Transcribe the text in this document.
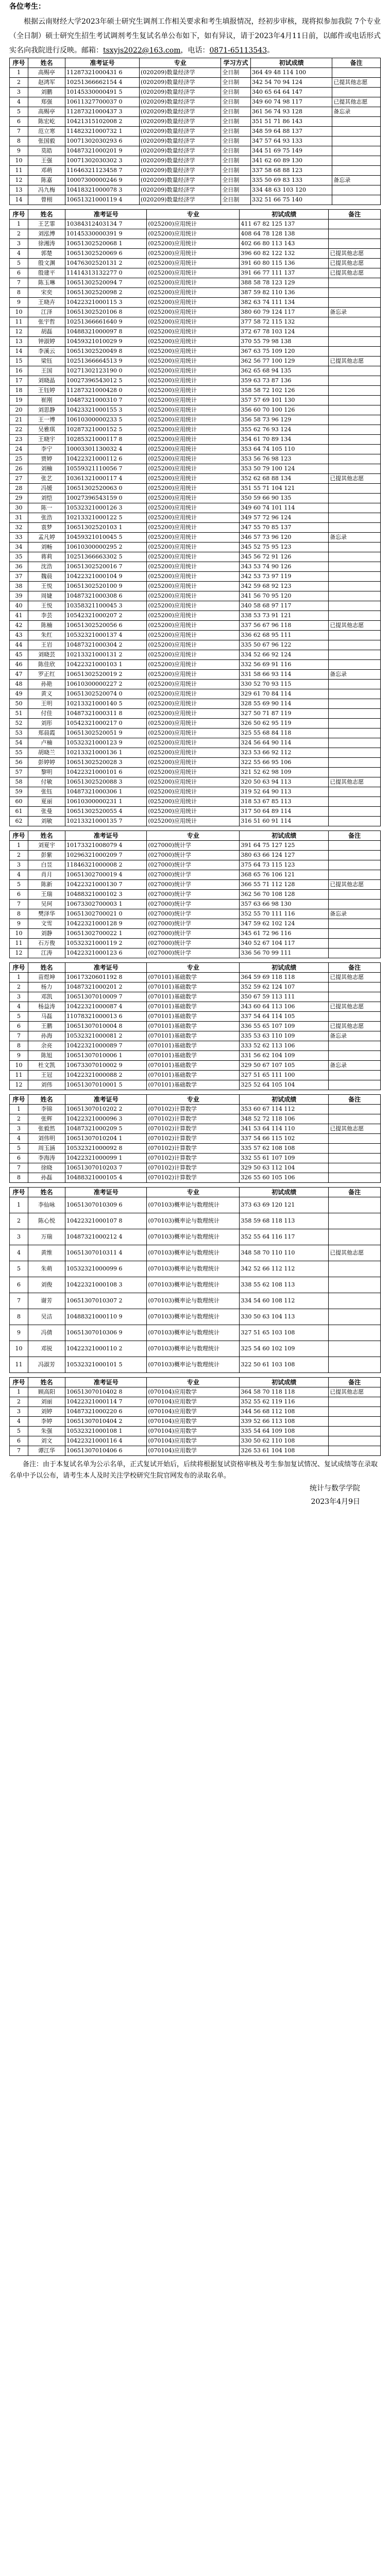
各位考生：

根据云南财经大学2023年硕士研究生调剂工作相关要求和考生填报情况，经初步审核，现将拟参加我院 7个专业（全日制）硕士研究生招生考试调剂考生复试名单公布如下，如有异议，请于2023年4月11日前，以邮件或电话形式实名向我院进行反映。邮箱：tsxyjs2022@163.com，电话：0871-65113543。

序号	姓名	准考证号	专业	学习方式	初试成绩	备注
1	高赐亭	11287321000431 6	(020209)数量经济学	全日制	364 49 48 114 100	
2	赵鸿军	10251366662154 4	(020209)数量经济学	全日制	342 54 70 94 124	已提其他志愿
3	刘鹏	10145330000491 5	(020209)数量经济学	全日制	340 65 64 64 147	
4	郑强	10611327700037 0	(020209)数量经济学	全日制	349 60 74 98 117	已提其他志愿
5	高赐亭	11287321000437 3	(020209)数量经济学	全日制	361 56 74 93 128	备忘录
6	陈宏屹	10421315102008 2	(020209)数量经济学	全日制	351 51 71 86 143	
7	范立寒	11482321000732 1	(020209)数量经济学	全日制	348 59 64 88 137	
8	张国毅	10071302030293 6	(020209)数量经济学	全日制	347 57 64 93 133	
9	莫皓	10487321000201 9	(020209)数量经济学	全日制	344 51 69 75 149	
10	王强	10071302030302 3	(020209)数量经济学	全日制	341 62 60 89 130	
11	邓萌	11646321123458 7	(020209)数量经济学	全日制	337 58 68 88 123	
12	陈嘉	10007300000246 9	(020209)数量经济学	全日制	335 50 69 83 133	备忘录
13	冯九梅	10418321000078 3	(020209)数量经济学	全日制	334 48 63 103 120	
14	曾栩	10651321000119 4	(020209)数量经济学	全日制	332 51 66 75 140	
序号	姓名	准考证号	专业	初试成绩	备注
1	王艺霏	10384312403134 7	(025200)应用统计	411 67 82 125 137	
2	刘泓博	10145330000391 9	(025200)应用统计	408 64 78 128 138	
3	徐湘涛	10651302520068 1	(025200)应用统计	402 66 80 113 143	
4	郭楚	10651302520069 6	(025200)应用统计	396 60 82 122 132	已提其他志愿
5	殷文渊	10476302520131 2	(025200)应用统计	391 60 80 115 136	已提其他志愿
6	殷建平	11414313132277 0	(025200)应用统计	391 66 77 111 137	已提其他志愿
7	陈玉琳	10651302520094 7	(025200)应用统计	388 58 78 123 129	
8	宋奕	10651302520098 2	(025200)应用统计	387 59 82 110 136	
9	王晓卉	10422321000115 3	(025200)应用统计	382 63 74 111 134	
10	江泽	10651302520106 8	(025200)应用统计	380 60 79 124 117	备忘录
11	张宇哲	10251366661640 9	(025200)应用统计	377 58 72 115 132	
12	胡磊	10488321000097 8	(025200)应用统计	372 67 78 103 124	
13	钟淑婷	10459321010029 9	(025200)应用统计	370 55 79 98 138	
14	李溪云	10651302520049 8	(025200)应用统计	367 63 75 109 120	
15	梁钰	10251366664513 9	(025200)应用统计	362 56 77 100 129	已提其他志愿
16	王国	10271302123190 0	(025200)应用统计	362 65 68 94 135	
17	刘晓晶	10027396543012 5	(025200)应用统计	359 63 73 87 136	
18	王钰婷	11287321000428 0	(025200)应用统计	358 58 72 102 126	
19	崔刚	10487321000310 7	(025200)应用统计	357 57 69 101 130	
20	刘思静	10423321000155 3	(025200)应用统计	356 60 70 100 126	
21	王一博	10610300000233 5	(025200)应用统计	356 58 73 96 129	
22	吴雅琪	10287321000152 5	(025200)应用统计	355 62 76 93 124	
23	王晓宇	10285321000117 8	(025200)应用统计	354 61 70 89 134	
24	李宁	10003301130032 4	(025200)应用统计	353 64 74 105 110	
25	贾婷	10422321000112 6	(025200)应用统计	353 56 76 98 123	
26	刘楠	10559321110056 7	(025200)应用统计	353 50 79 100 124	
27	张艺	10361321000117 4	(025200)应用统计	352 62 68 88 134	已提其他志愿
28	冯媛	10651302520063 0	(025200)应用统计	351 55 71 104 121	
29	刘恺	10027396543159 0	(025200)应用统计	350 59 66 90 135	
30	陈一	10532321000126 3	(025200)应用统计	349 60 74 101 114	
31	张浩	10213321000122 5	(025200)应用统计	349 57 72 96 124	
32	袁梦	10651302520103 1	(025200)应用统计	347 55 70 85 137	
33	孟凡婷	10459321010045 5	(025200)应用统计	346 57 73 96 120	备忘录
34	刘畅	10610300000295 2	(025200)应用统计	345 52 75 95 123	
35	蒋莉	10251366663302 5	(025200)应用统计	345 56 72 91 126	
36	沈浩	10651302520016 7	(025200)应用统计	343 53 74 90 126	
37	魏晨	10422321000104 9	(025200)应用统计	342 53 73 97 119	
38	王悦	10651302520100 9	(025200)应用统计	342 59 68 92 123	
39	周婕	10487321000308 6	(025200)应用统计	341 56 70 95 120	
40	王悦	10358321100045 3	(025200)应用统计	340 58 68 97 117	
41	李芸	10542321000207 2	(025200)应用统计	338 53 73 91 121	
42	陈楠	10651302520056 6	(025200)应用统计	337 56 67 96 118	已提其他志愿
43	朱红	10532321000137 4	(025200)应用统计	336 62 68 95 111	
44	王岩	10487321000304 2	(025200)应用统计	335 50 67 96 122	
45	刘晓芸	10213321000131 2	(025200)应用统计	334 52 66 92 124	
46	陈佳欣	10422321000103 1	(025200)应用统计	332 56 69 91 116	
47	罗正红	10651302520019 2	(025200)应用统计	331 58 66 93 114	备忘录
48	孙艳	10610300000227 2	(025200)应用统计	330 52 70 93 115	
49	黄义	10651302520074 0	(025200)应用统计	329 61 70 84 114	
50	王明	10213321000140 5	(025200)应用统计	328 55 69 90 114	
51	付佳	10487321000311 8	(025200)应用统计	327 50 71 87 119	
52	刘彤	10542321000217 0	(025200)应用统计	326 50 62 95 119	
53	郑晨霞	10651302520051 9	(025200)应用统计	325 55 68 84 118	
54	卢楠	10532321000123 9	(025200)应用统计	324 56 64 90 114	
55	胡晓兰	10213321000136 1	(025200)应用统计	323 53 66 92 112	
56	彭婷婷	10651302520028 3	(025200)应用统计	322 55 66 95 106	
57	黎明	10422321000101 6	(025200)应用统计	321 52 62 98 109	
58	付敏	10651302520088 3	(025200)应用统计	320 50 63 94 113	已提其他志愿
59	张钰	10487321000306 1	(025200)应用统计	319 52 64 90 113	
60	夏丽	10610300000231 1	(025200)应用统计	318 53 67 85 113	
61	张曼	10651302520055 4	(025200)应用统计	317 50 64 89 114	
62	刘敏	10213321000135 7	(025200)应用统计	316 51 60 91 114	
序号	姓名	准考证号	专业	初试成绩	备注
1	刘夏宇	10173321008079 4	(027000)统计学	391 64 75 127 125	
2	彭紫	10296321000209 7	(027000)统计学	380 63 66 124 127	
3	白昱	11846321000008 2	(027000)统计学	375 64 73 115 123	
4	肖月	10651302700019 4	(027000)统计学	368 65 76 106 121	
5	陈新	10422321000130 7	(027000)统计学	366 55 71 112 128	已提其他志愿
6	王瑞	10488321000102 3	(027000)统计学	362 56 70 108 128	
7	吴珂	10673302700003 1	(027000)统计学	357 63 66 98 130	
8	樊泽华	10651302700021 0	(027000)统计学	352 55 70 111 116	备忘录
9	文雪	10422321000128 9	(027000)统计学	347 59 62 102 124	
10	刘静	10651302700022 1	(027000)统计学	345 61 72 96 116	
11	石万俊	10532321000119 2	(027000)统计学	340 52 67 104 117	
12	江涛	10422321000123 6	(027000)统计学	336 56 70 99 111	
序号	姓名	准考证号	专业	初试成绩	备注
1	苗煜坤	10617320601192 8	(070101)基础数学	364 59 69 118 118	已提其他志愿
2	杨力	10487321000201 2	(070101)基础数学	352 59 62 124 107	
3	邓凯	10651307010009 7	(070101)基础数学	350 67 59 113 111	
4	杨益涛	10422321000087 4	(070101)基础数学	343 60 64 113 106	已提其他志愿
5	马磊	11078321000013 6	(070101)基础数学	337 54 64 114 105	
6	王鹏	10651307010004 8	(070101)基础数学	336 55 65 107 109	已提其他志愿
7	孙海	10532321000081 2	(070101)基础数学	335 53 63 110 109	备忘录
8	余亮	10422321000089 7	(070101)基础数学	333 52 62 113 106	
9	陈旭	10651307010006 1	(070101)基础数学	331 56 62 104 109	
10	杜文凯	10673307010002 9	(070101)基础数学	329 50 67 107 105	备忘录
11	王冠	10422321000088 2	(070101)基础数学	327 51 65 111 100	
12	刘伟	10651307010001 5	(070101)基础数学	325 52 64 105 104	
序号	姓名	准考证号	专业	初试成绩	备注
1	李锦	10651307010202 2	(070102)计算数学	353 60 67 114 112	
2	张辉	10422321000096 3	(070102)计算数学	348 52 72 118 106	
3	张毅然	10487321000209 5	(070102)计算数学	341 53 64 114 110	已提其他志愿
4	刘伟明	10651307010204 1	(070102)计算数学	337 54 66 115 102	
5	周玉涵	10532321000092 8	(070102)计算数学	335 57 62 108 108	
6	李海涛	10422321000099 1	(070102)计算数学	332 55 61 107 109	
7	徐晓	10651307010203 7	(070102)计算数学	329 50 63 112 104	
8	孙磊	10488321000105 4	(070102)计算数学	326 55 60 105 106	
序号	姓名	准考证号	专业	初试成绩	备注
1	李仙咏	10651307010309 6	(070103)概率论与数理统计	373 63 69 120 121	
2	陈心悦	10422321000107 8	(070103)概率论与数理统计	358 59 68 118 113	
3	万瑞	10487321000212 4	(070103)概率论与数理统计	352 55 64 116 117	
4	黄维	10651307010311 4	(070103)概率论与数理统计	348 58 70 110 110	已提其他志愿
5	朱萌	10532321000099 6	(070103)概率论与数理统计	342 52 66 112 112	
6	刘俊	10422321000108 3	(070103)概率论与数理统计	338 55 62 108 113	
7	谢芳	10651307010307 2	(070103)概率论与数理统计	334 54 60 108 112	
8	吴洁	10488321000110 9	(070103)概率论与数理统计	330 50 63 104 113	
9	冯倩	10651307010306 9	(070103)概率论与数理统计	327 51 65 103 108	
10	邓锐	10422321000110 2	(070103)概率论与数理统计	325 54 60 102 109	
11	冯淑芳	10532321000101 5	(070103)概率论与数理统计	322 50 61 103 108	
序号	姓名	准考证号	专业	初试成绩	备注
1	顾高阳	10651307010402 8	(070104)应用数学	364 58 70 118 118	已提其他志愿
2	刘丽	10422321000114 7	(070104)应用数学	352 55 62 119 116	
3	刘婷	10487321000220 6	(070104)应用数学	344 56 68 112 108	
4	李婷	10651307010404 2	(070104)应用数学	339 52 66 113 108	
5	朱强	10532321000108 1	(070104)应用数学	335 54 64 109 108	
6	刘文	10422321000116 4	(070104)应用数学	330 50 62 110 108	
7	谭江华	10651307010406 6	(070104)应用数学	326 53 61 104 108	

备注：由于本复试名单为公示名单，正式复试开始后，后续将根据复试资格审核及考生参加复试情况、复试成绩等在录取名单中予以公布，请考生本人及时关注学校研究生院官网发布的录取名单。

统计与数学学院
2023年4月9日
